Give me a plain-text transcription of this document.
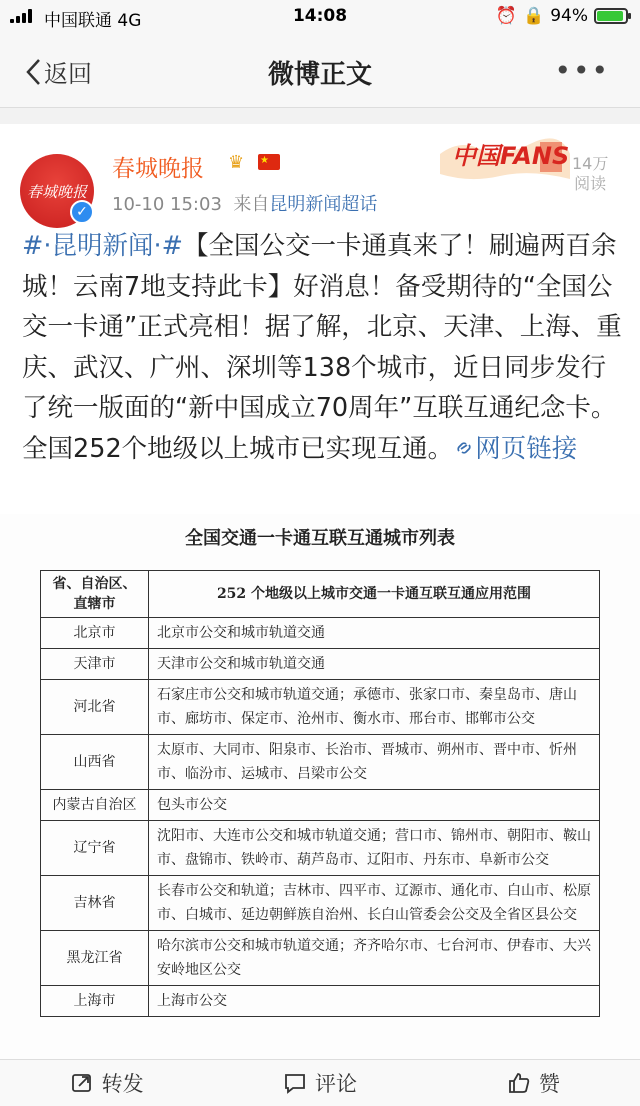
中国联通 4G	14:08	⏰ 🔒 94%
返回	微博正文	•••
春城晚报
✓
春城晚报 ♛ ★
10-10 15:03 来自昆明新闻超话
中国FANS 14万
阅读
#·昆明新闻·#【全国公交一卡通真来了！刷遍两百余城！云南7地支持此卡】好消息！备受期待的“全国公交一卡通”正式亮相！据了解，北京、天津、上海、重庆、武汉、广州、深圳等138个城市，近日同步发行了统一版面的“新中国成立70周年”互联互通纪念卡。全国252个地级以上城市已实现互通。 网页链接
全国交通一卡通互联互通城市列表
省、自治区、直辖市	252 个地级以上城市交通一卡通互联互通应用范围
北京市	北京市公交和城市轨道交通
天津市	天津市公交和城市轨道交通
河北省	石家庄市公交和城市轨道交通；承德市、张家口市、秦皇岛市、唐山市、廊坊市、保定市、沧州市、衡水市、邢台市、邯郸市公交
山西省	太原市、大同市、阳泉市、长治市、晋城市、朔州市、晋中市、忻州市、临汾市、运城市、吕梁市公交
内蒙古自治区	包头市公交
辽宁省	沈阳市、大连市公交和城市轨道交通；营口市、锦州市、朝阳市、鞍山市、盘锦市、铁岭市、葫芦岛市、辽阳市、丹东市、阜新市公交
吉林省	长春市公交和轨道；吉林市、四平市、辽源市、通化市、白山市、松原市、白城市、延边朝鲜族自治州、长白山管委会公交及全省区县公交
黑龙江省	哈尔滨市公交和城市轨道交通；齐齐哈尔市、七台河市、伊春市、大兴安岭地区公交
上海市	上海市公交
转发	评论	赞
